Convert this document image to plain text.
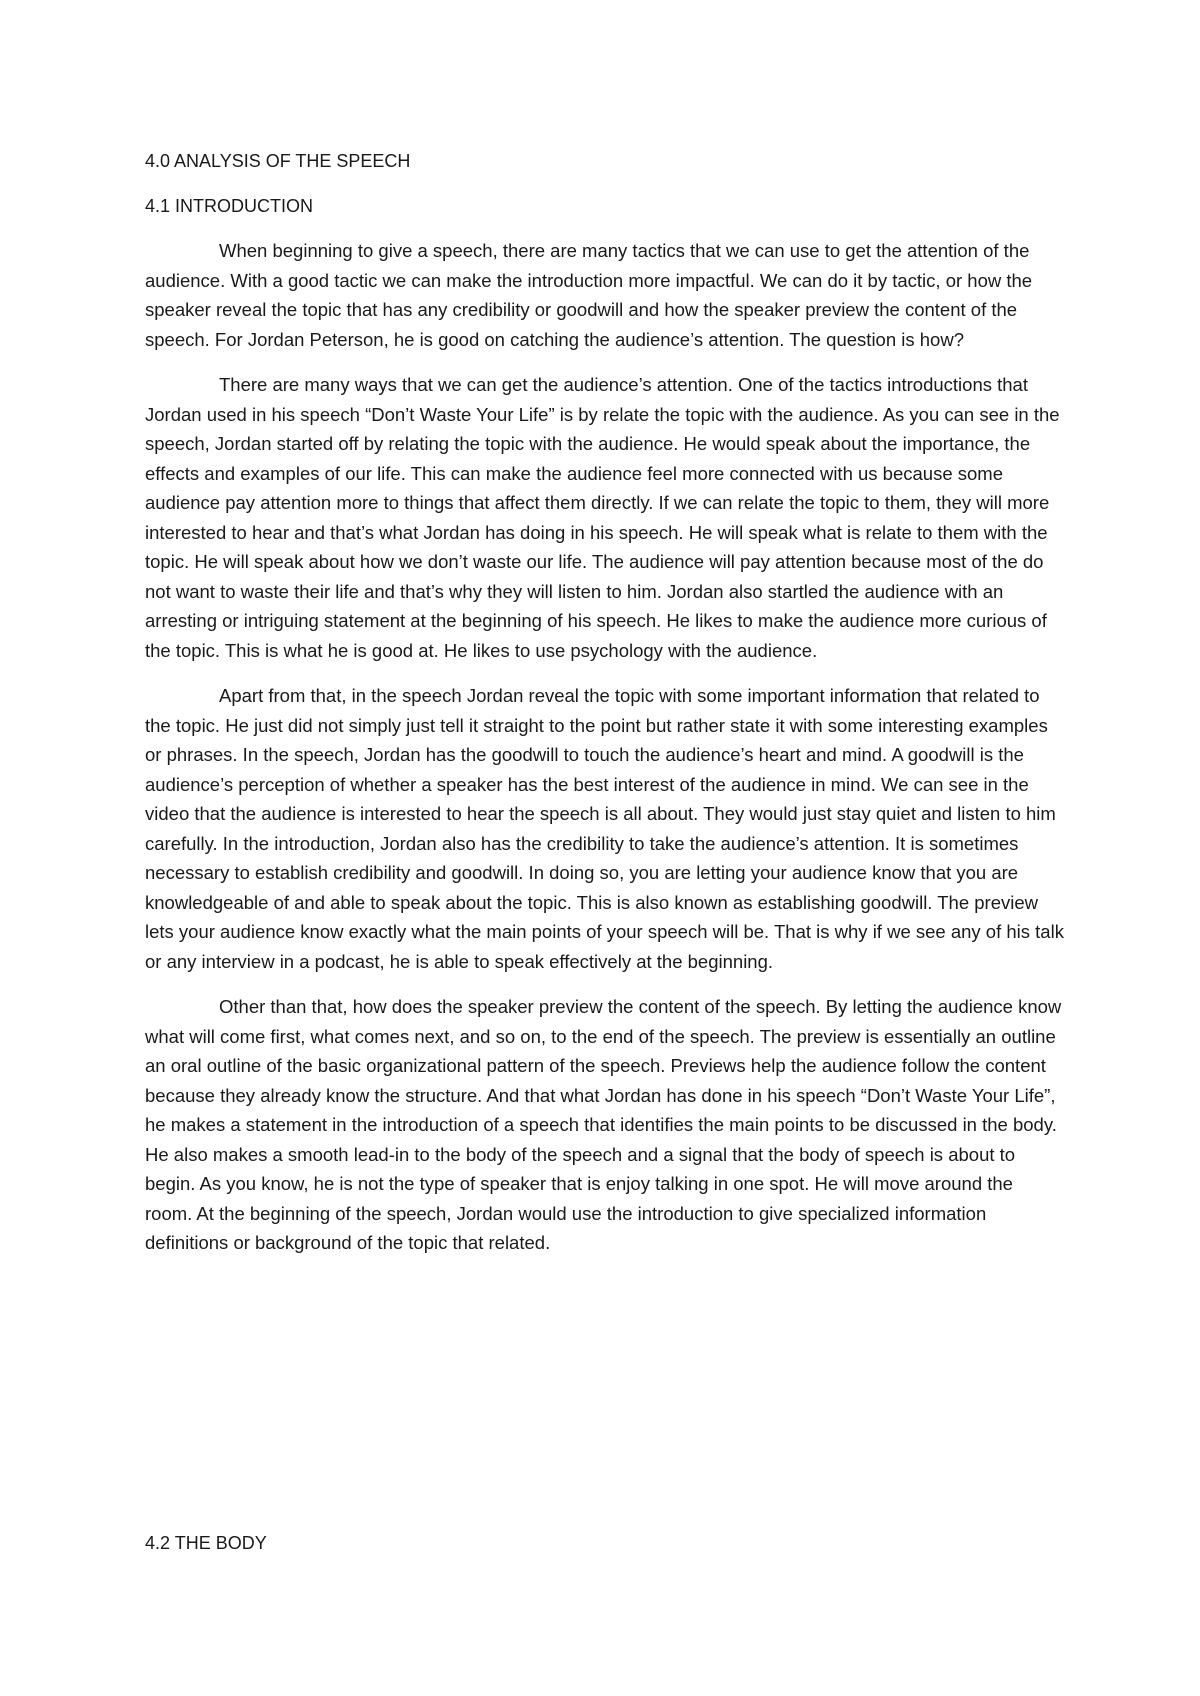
4.0 ANALYSIS OF THE SPEECH
4.1 INTRODUCTION

When beginning to give a speech, there are many tactics that we can use to get the attention of the audience. With a good tactic we can make the introduction more impactful. We can do it by tactic, or how the speaker reveal the topic that has any credibility or goodwill and how the speaker preview the content of the speech. For Jordan Peterson, he is good on catching the audience’s attention. The question is how?

There are many ways that we can get the audience’s attention. One of the tactics introductions that Jordan used in his speech “Don’t Waste Your Life” is by relate the topic with the audience. As you can see in the speech, Jordan started off by relating the topic with the audience. He would speak about the importance, the effects and examples of our life. This can make the audience feel more connected with us because some audience pay attention more to things that affect them directly. If we can relate the topic to them, they will more interested to hear and that’s what Jordan has doing in his speech. He will speak what is relate to them with the topic. He will speak about how we don’t waste our life. The audience will pay attention because most of the do not want to waste their life and that’s why they will listen to him. Jordan also startled the audience with an arresting or intriguing statement at the beginning of his speech. He likes to make the audience more curious of the topic. This is what he is good at. He likes to use psychology with the audience.

Apart from that, in the speech Jordan reveal the topic with some important information that related to the topic. He just did not simply just tell it straight to the point but rather state it with some interesting examples or phrases. In the speech, Jordan has the goodwill to touch the audience’s heart and mind. A goodwill is the audience’s perception of whether a speaker has the best interest of the audience in mind. We can see in the video that the audience is interested to hear the speech is all about. They would just stay quiet and listen to him carefully. In the introduction, Jordan also has the credibility to take the audience’s attention. It is sometimes necessary to establish credibility and goodwill. In doing so, you are letting your audience know that you are knowledgeable of and able to speak about the topic. This is also known as establishing goodwill. The preview lets your audience know exactly what the main points of your speech will be. That is why if we see any of his talk or any interview in a podcast, he is able to speak effectively at the beginning.

Other than that, how does the speaker preview the content of the speech. By letting the audience know what will come first, what comes next, and so on, to the end of the speech. The preview is essentially an outline an oral outline of the basic organizational pattern of the speech. Previews help the audience follow the content because they already know the structure. And that what Jordan has done in his speech “Don’t Waste Your Life”, he makes a statement in the introduction of a speech that identifies the main points to be discussed in the body. He also makes a smooth lead-in to the body of the speech and a signal that the body of speech is about to begin. As you know, he is not the type of speaker that is enjoy talking in one spot. He will move around the room. At the beginning of the speech, Jordan would use the introduction to give specialized information definitions or background of the topic that related.

4.2 THE BODY
